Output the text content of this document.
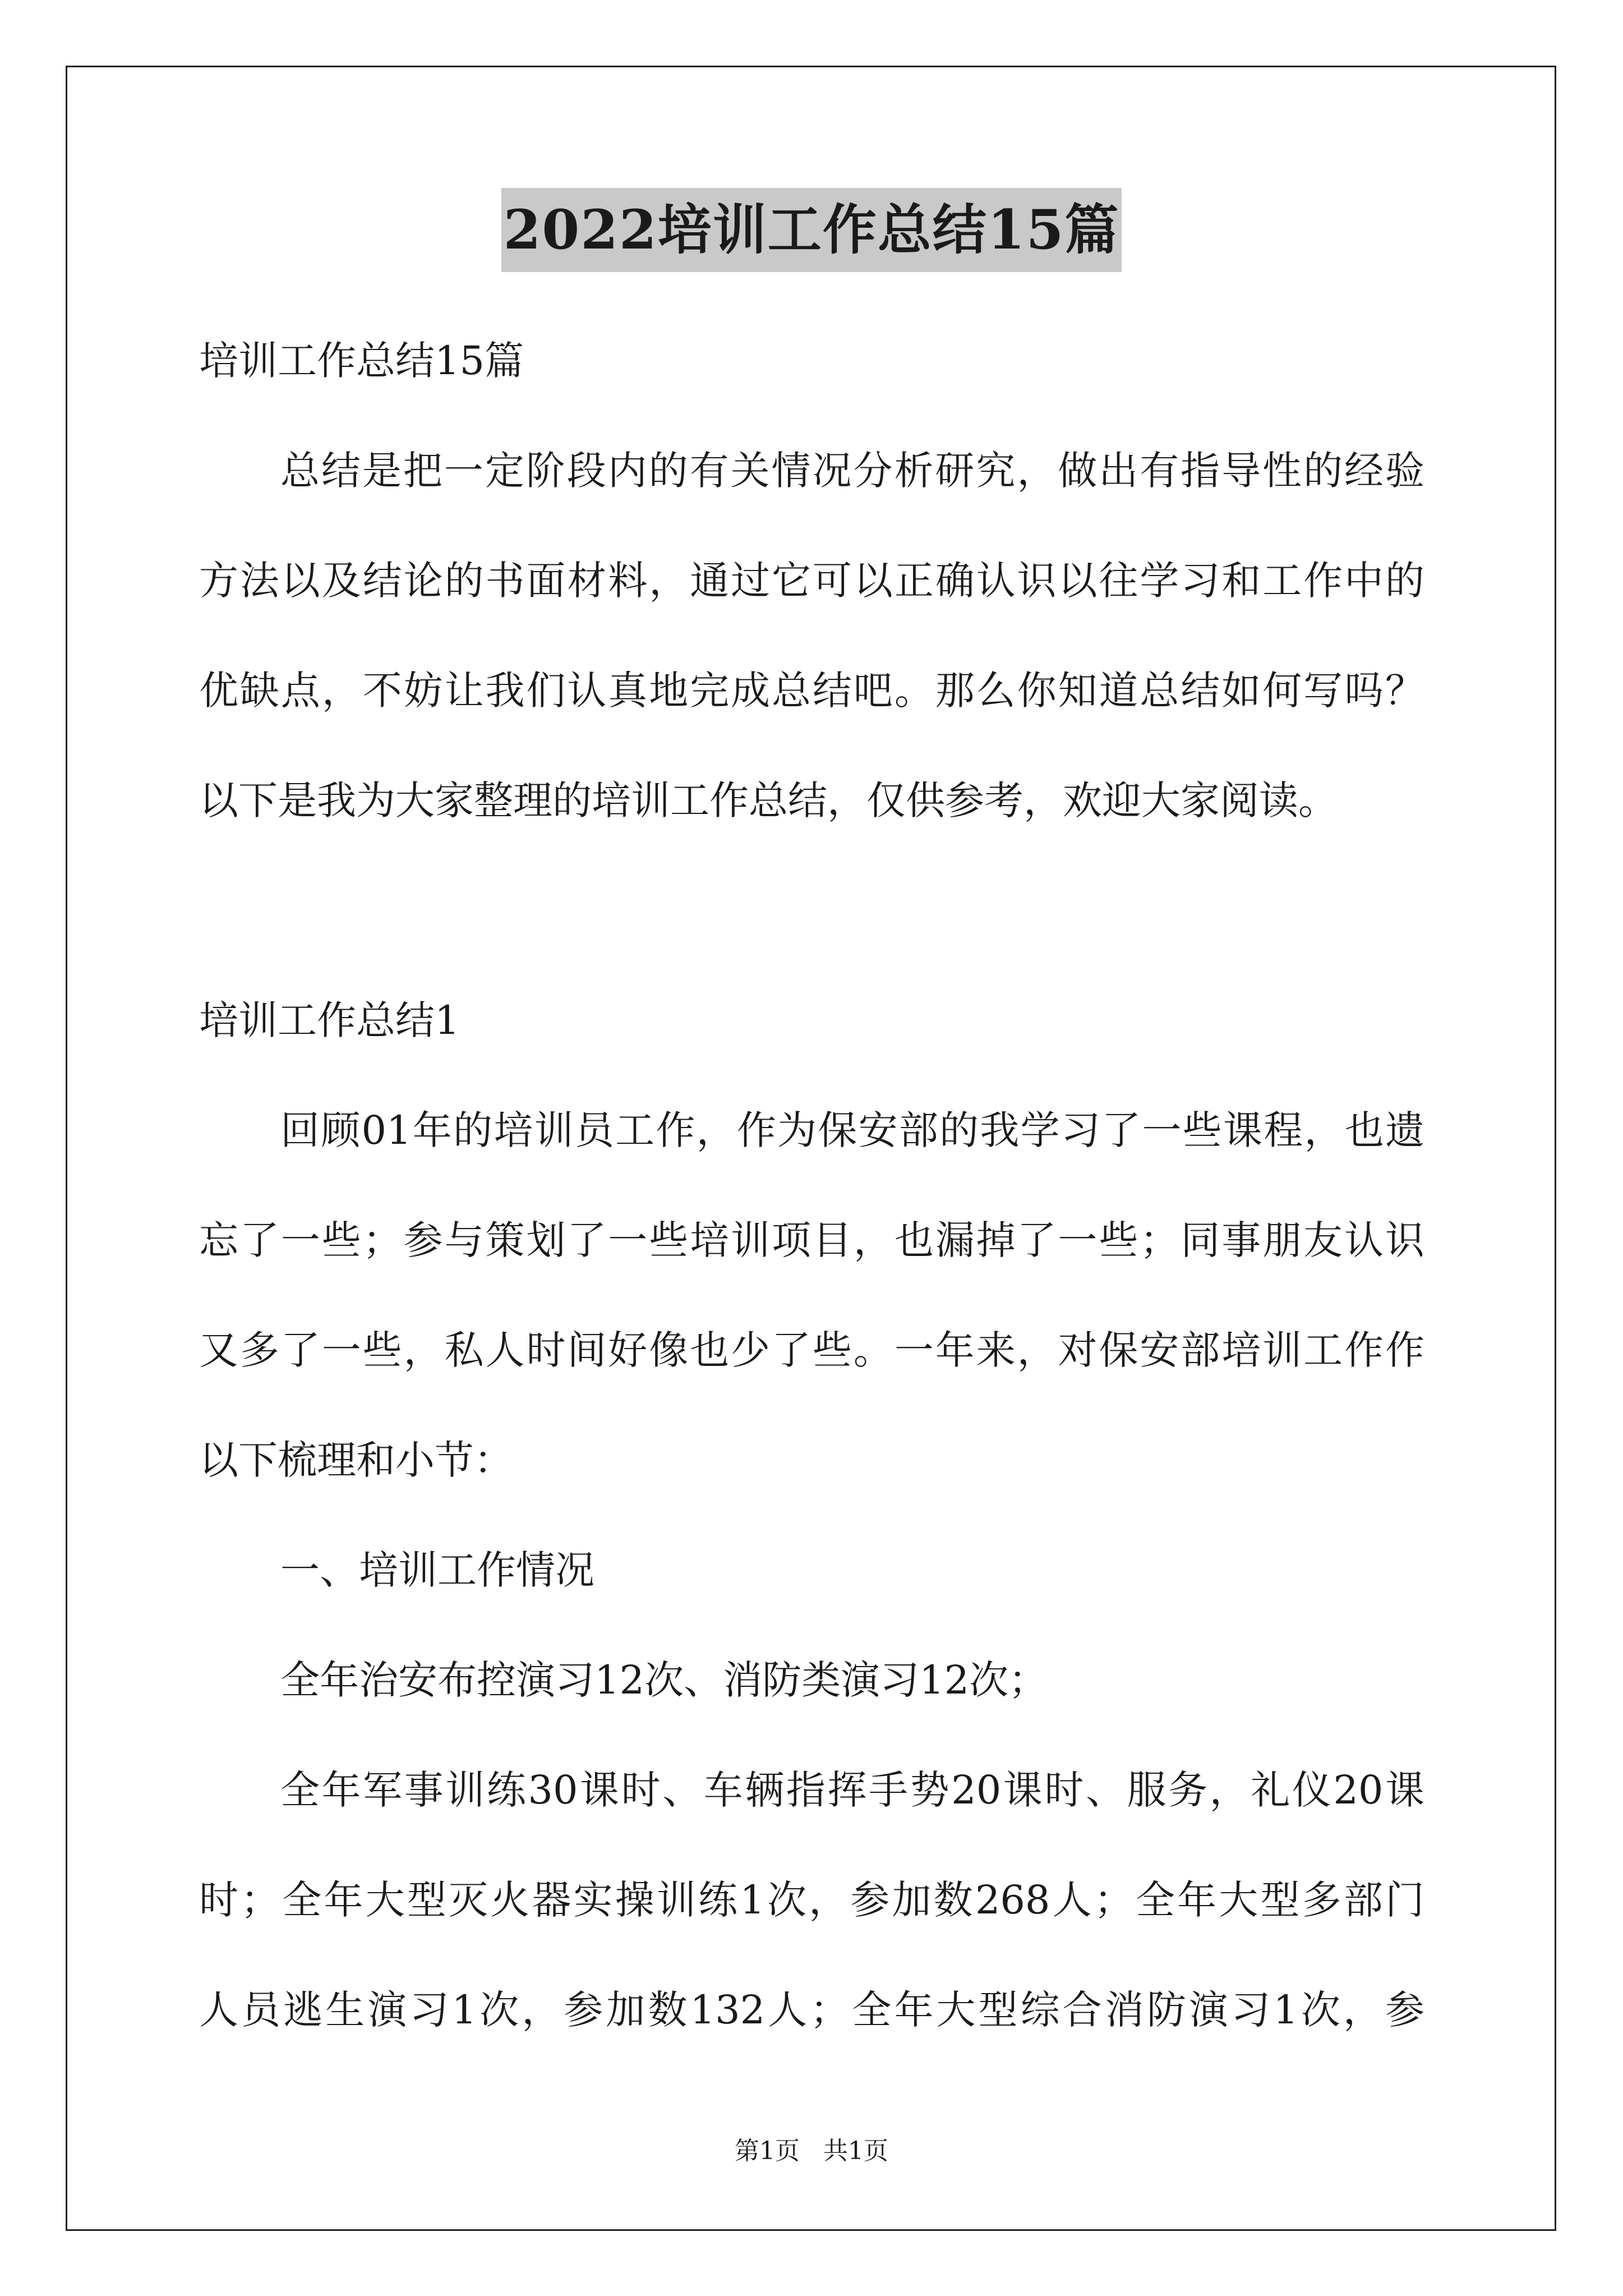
2022培训工作总结15篇
培训工作总结15篇
总结是把一定阶段内的有关情况分析研究，做出有指导性的经验
方法以及结论的书面材料，通过它可以正确认识以往学习和工作中的
优缺点，不妨让我们认真地完成总结吧。那么你知道总结如何写吗？
以下是我为大家整理的培训工作总结，仅供参考，欢迎大家阅读。
培训工作总结1
回顾01年的培训员工作，作为保安部的我学习了一些课程，也遗
忘了一些；参与策划了一些培训项目，也漏掉了一些；同事朋友认识
又多了一些，私人时间好像也少了些。一年来，对保安部培训工作作
以下梳理和小节：
一、培训工作情况
全年治安布控演习12次、消防类演习12次；
全年军事训练30课时、车辆指挥手势20课时、服务，礼仪20课
时；全年大型灭火器实操训练1次，参加数268人；全年大型多部门
人员逃生演习1次，参加数132人；全年大型综合消防演习1次，参
第1页 共1页
